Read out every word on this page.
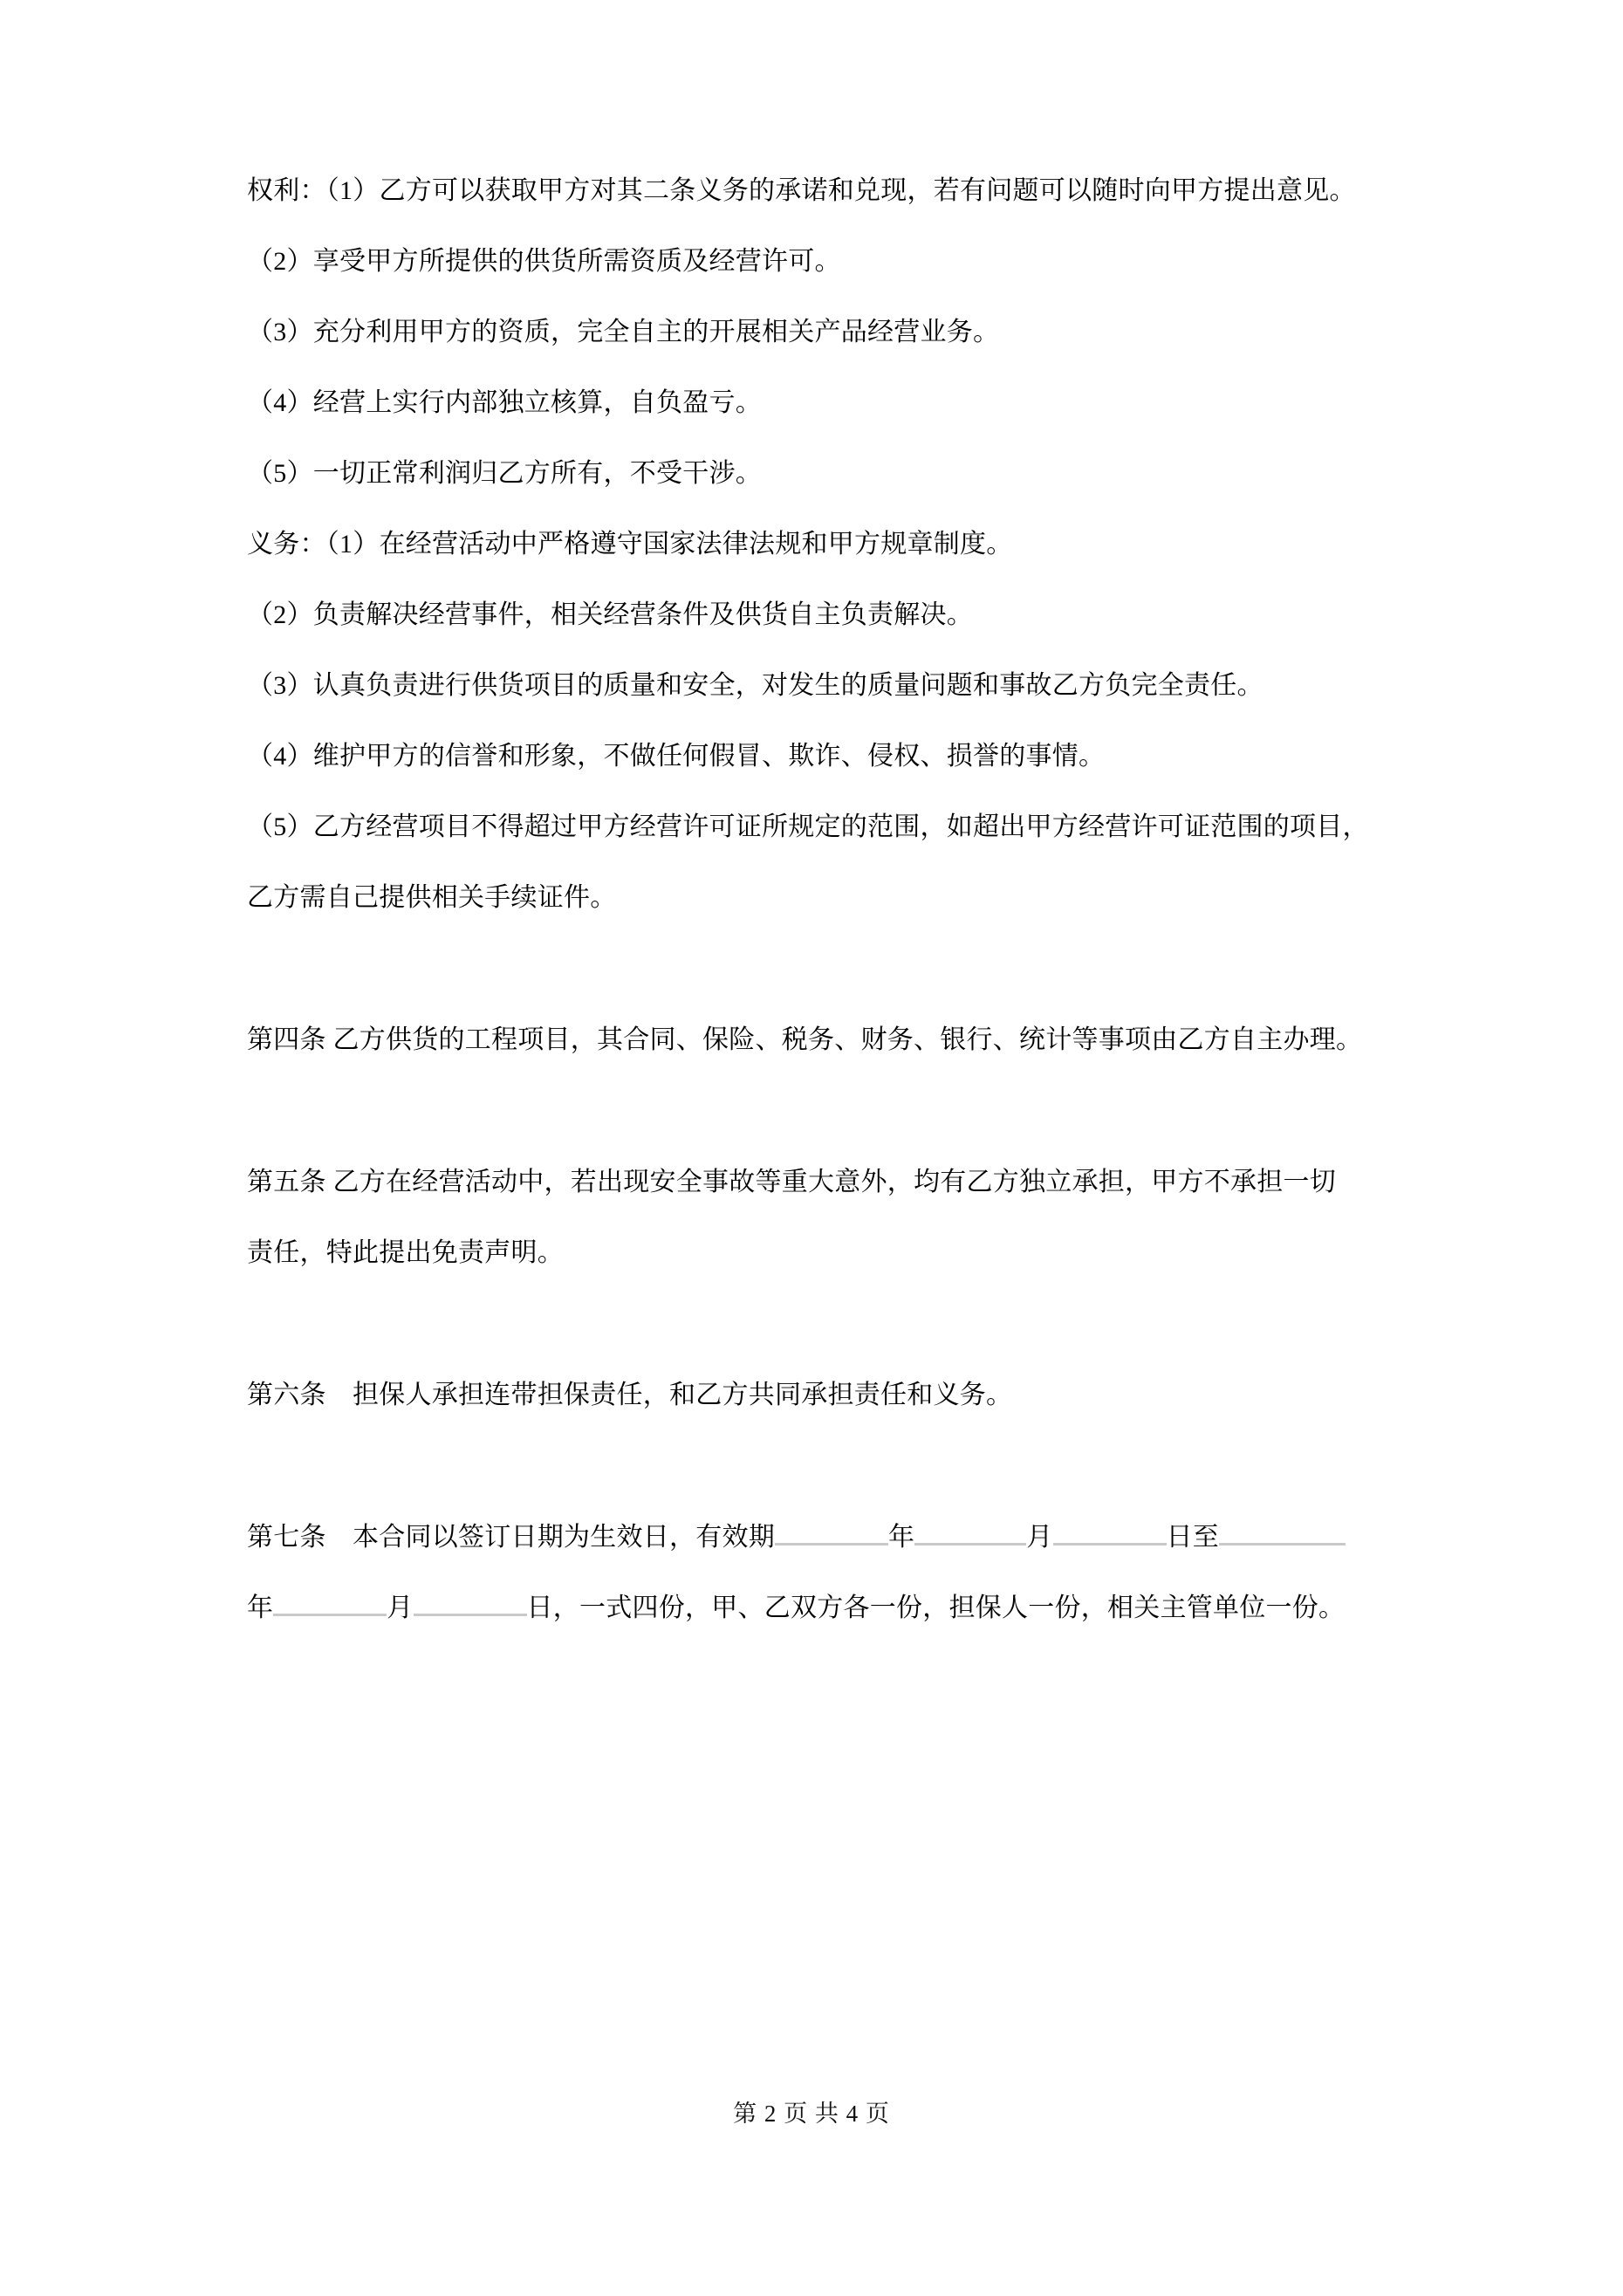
权利：（1）乙方可以获取甲方对其二条义务的承诺和兑现，若有问题可以随时向甲方提出意见。
（2）享受甲方所提供的供货所需资质及经营许可。
（3）充分利用甲方的资质，完全自主的开展相关产品经营业务。
（4）经营上实行内部独立核算，自负盈亏。
（5）一切正常利润归乙方所有，不受干涉。
义务：（1）在经营活动中严格遵守国家法律法规和甲方规章制度。
（2）负责解决经营事件，相关经营条件及供货自主负责解决。
（3）认真负责进行供货项目的质量和安全，对发生的质量问题和事故乙方负完全责任。
（4）维护甲方的信誉和形象，不做任何假冒、欺诈、侵权、损誉的事情。
（5）乙方经营项目不得超过甲方经营许可证所规定的范围，如超出甲方经营许可证范围的项目，
乙方需自己提供相关手续证件。
第四条 乙方供货的工程项目，其合同、保险、税务、财务、银行、统计等事项由乙方自主办理。
第五条 乙方在经营活动中，若出现安全事故等重大意外，均有乙方独立承担，甲方不承担一切
责任，特此提出免责声明。
第六条　担保人承担连带担保责任，和乙方共同承担责任和义务。
第七条　本合同以签订日期为生效日，有效期	年	月	日至
年	月	日，一式四份，甲、乙双方各一份，担保人一份，相关主管单位一份。
第 2 页 共 4 页
